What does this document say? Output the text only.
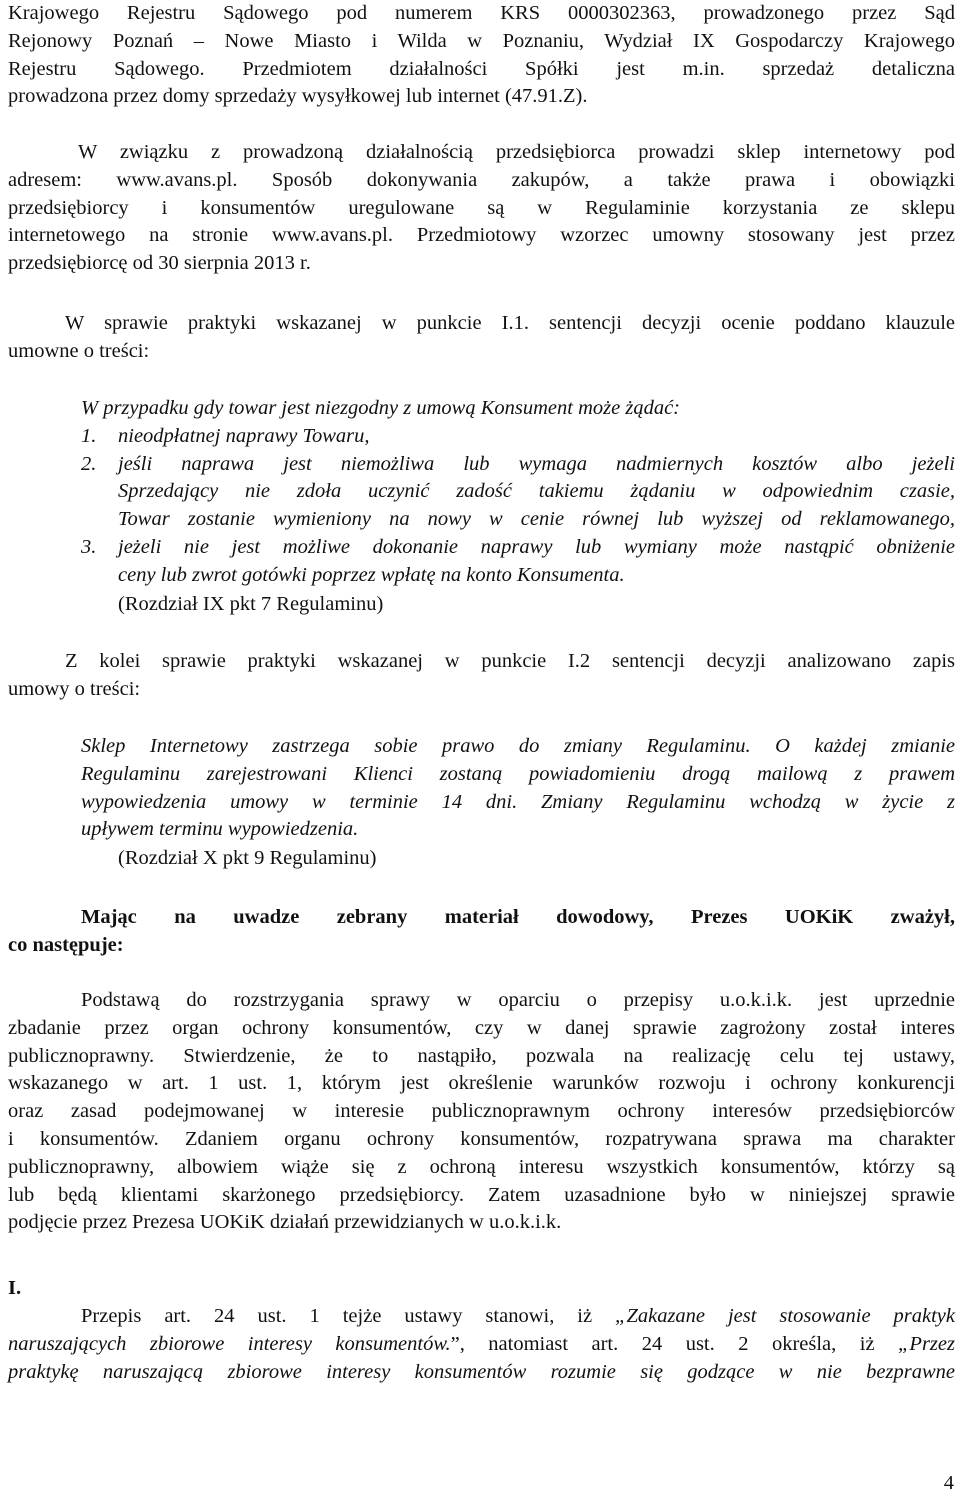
Krajowego Rejestru Sądowego pod numerem KRS 0000302363, prowadzonego przez Sąd

Rejonowy Poznań – Nowe Miasto i Wilda w Poznaniu, Wydział IX Gospodarczy Krajowego

Rejestru Sądowego. Przedmiotem działalności Spółki jest m.in. sprzedaż detaliczna

prowadzona przez domy sprzedaży wysyłkowej lub internet (47.91.Z).

W związku z prowadzoną działalnością przedsiębiorca prowadzi sklep internetowy pod

adresem: www.avans.pl. Sposób dokonywania zakupów, a także prawa i obowiązki

przedsiębiorcy i konsumentów uregulowane są w Regulaminie korzystania ze sklepu

internetowego na stronie www.avans.pl. Przedmiotowy wzorzec umowny stosowany jest przez

przedsiębiorcę od 30 sierpnia 2013 r.

W sprawie praktyki wskazanej w punkcie I.1. sentencji decyzji ocenie poddano klauzule

umowne o treści:

W przypadku gdy towar jest niezgodny z umową Konsument może żądać:

1. nieodpłatnej naprawy Towaru,

2. jeśli naprawa jest niemożliwa lub wymaga nadmiernych kosztów albo jeżeli

Sprzedający nie zdoła uczynić zadość takiemu żądaniu w odpowiednim czasie,

Towar zostanie wymieniony na nowy w cenie równej lub wyższej od reklamowanego,

3. jeżeli nie jest możliwe dokonanie naprawy lub wymiany może nastąpić obniżenie

ceny lub zwrot gotówki poprzez wpłatę na konto Konsumenta.

(Rozdział IX pkt 7 Regulaminu)

Z kolei sprawie praktyki wskazanej w punkcie I.2 sentencji decyzji analizowano zapis

umowy o treści:

Sklep Internetowy zastrzega sobie prawo do zmiany Regulaminu. O każdej zmianie

Regulaminu zarejestrowani Klienci zostaną powiadomieniu drogą mailową z prawem

wypowiedzenia umowy w terminie 14 dni. Zmiany Regulaminu wchodzą w życie z

upływem terminu wypowiedzenia.

(Rozdział X pkt 9 Regulaminu)

Mając na uwadze zebrany materiał dowodowy, Prezes UOKiK zważył,

co następuje:

Podstawą do rozstrzygania sprawy w oparciu o przepisy u.o.k.i.k. jest uprzednie

zbadanie przez organ ochrony konsumentów, czy w danej sprawie zagrożony został interes

publicznoprawny. Stwierdzenie, że to nastąpiło, pozwala na realizację celu tej ustawy,

wskazanego w art. 1 ust. 1, którym jest określenie warunków rozwoju i ochrony konkurencji

oraz zasad podejmowanej w interesie publicznoprawnym ochrony interesów przedsiębiorców

i konsumentów. Zdaniem organu ochrony konsumentów, rozpatrywana sprawa ma charakter

publicznoprawny, albowiem wiąże się z ochroną interesu wszystkich konsumentów, którzy są

lub będą klientami skarżonego przedsiębiorcy. Zatem uzasadnione było w niniejszej sprawie

podjęcie przez Prezesa UOKiK działań przewidzianych w u.o.k.i.k.

I.

Przepis art. 24 ust. 1 tejże ustawy stanowi, iż „Zakazane jest stosowanie praktyk

naruszających zbiorowe interesy konsumentów.”, natomiast art. 24 ust. 2 określa, iż „Przez

praktykę naruszającą zbiorowe interesy konsumentów rozumie się godzące w nie bezprawne

4
